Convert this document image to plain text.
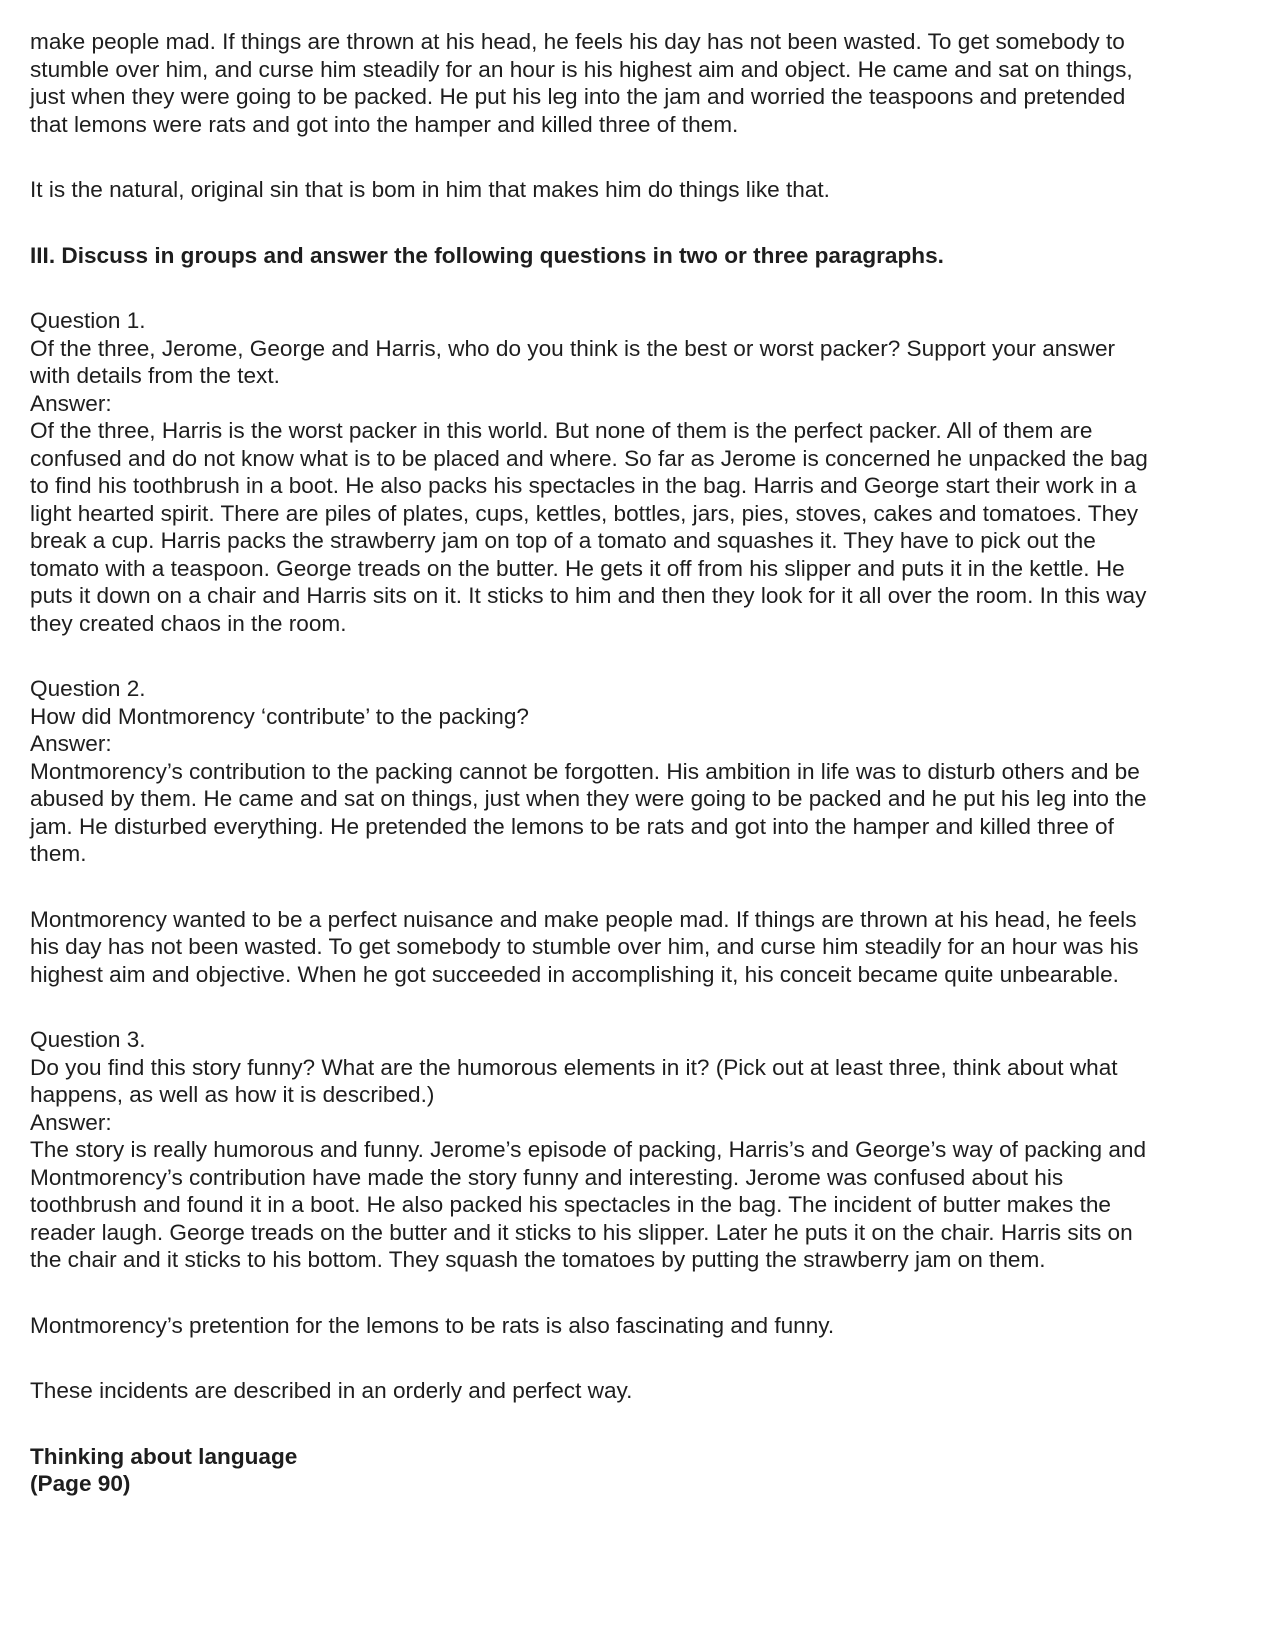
make people mad. If things are thrown at his head, he feels his day has not been wasted. To get somebody to
stumble over him, and curse him steadily for an hour is his highest aim and object. He came and sat on things,
just when they were going to be packed. He put his leg into the jam and worried the teaspoons and pretended
that lemons were rats and got into the hamper and killed three of them.
It is the natural, original sin that is bom in him that makes him do things like that.
III. Discuss in groups and answer the following questions in two or three paragraphs.
Question 1.
Of the three, Jerome, George and Harris, who do you think is the best or worst packer? Support your answer
with details from the text.
Answer:
Of the three, Harris is the worst packer in this world. But none of them is the perfect packer. All of them are
confused and do not know what is to be placed and where. So far as Jerome is concerned he unpacked the bag
to find his toothbrush in a boot. He also packs his spectacles in the bag. Harris and George start their work in a
light hearted spirit. There are piles of plates, cups, kettles, bottles, jars, pies, stoves, cakes and tomatoes. They
break a cup. Harris packs the strawberry jam on top of a tomato and squashes it. They have to pick out the
tomato with a teaspoon. George treads on the butter. He gets it off from his slipper and puts it in the kettle. He
puts it down on a chair and Harris sits on it. It sticks to him and then they look for it all over the room. In this way
they created chaos in the room.
Question 2.
How did Montmorency ‘contribute’ to the packing?
Answer:
Montmorency’s contribution to the packing cannot be forgotten. His ambition in life was to disturb others and be
abused by them. He came and sat on things, just when they were going to be packed and he put his leg into the
jam. He disturbed everything. He pretended the lemons to be rats and got into the hamper and killed three of
them.
Montmorency wanted to be a perfect nuisance and make people mad. If things are thrown at his head, he feels
his day has not been wasted. To get somebody to stumble over him, and curse him steadily for an hour was his
highest aim and objective. When he got succeeded in accomplishing it, his conceit became quite unbearable.
Question 3.
Do you find this story funny? What are the humorous elements in it? (Pick out at least three, think about what
happens, as well as how it is described.)
Answer:
The story is really humorous and funny. Jerome’s episode of packing, Harris’s and George’s way of packing and
Montmorency’s contribution have made the story funny and interesting. Jerome was confused about his
toothbrush and found it in a boot. He also packed his spectacles in the bag. The incident of butter makes the
reader laugh. George treads on the butter and it sticks to his slipper. Later he puts it on the chair. Harris sits on
the chair and it sticks to his bottom. They squash the tomatoes by putting the strawberry jam on them.
Montmorency’s pretention for the lemons to be rats is also fascinating and funny.
These incidents are described in an orderly and perfect way.
Thinking about language
(Page 90)
